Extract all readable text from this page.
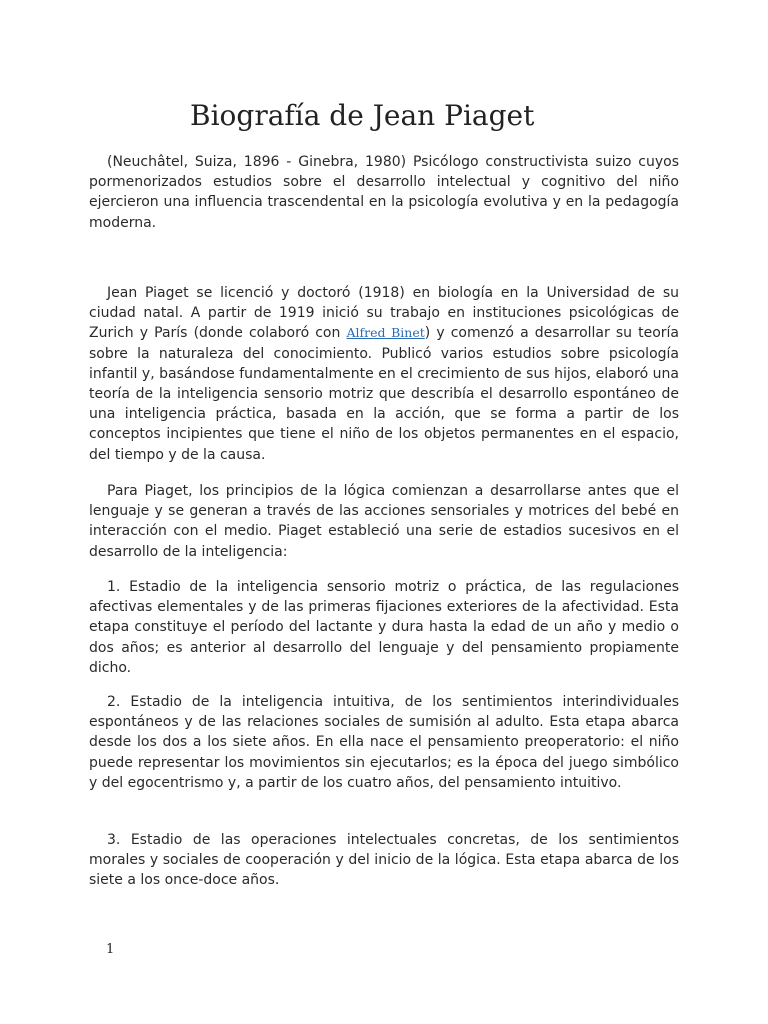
Biografía de Jean Piaget

(Neuchâtel, Suiza, 1896 - Ginebra, 1980) Psicólogo constructivista suizo cuyos pormenorizados estudios sobre el desarrollo intelectual y cognitivo del niño ejercieron una influencia trascendental en la psicología evolutiva y en la pedagogía moderna.

Jean Piaget se licenció y doctoró (1918) en biología en la Universidad de su ciudad natal. A partir de 1919 inició su trabajo en instituciones psicológicas de Zurich y París (donde colaboró con Alfred Binet) y comenzó a desarrollar su teoría sobre la naturaleza del conocimiento. Publicó varios estudios sobre psicología infantil y, basándose fundamentalmente en el crecimiento de sus hijos, elaboró una teoría de la inteligencia sensorio motriz que describía el desarrollo espontáneo de una inteligencia práctica, basada en la acción, que se forma a partir de los conceptos incipientes que tiene el niño de los objetos permanentes en el espacio, del tiempo y de la causa.

Para Piaget, los principios de la lógica comienzan a desarrollarse antes que el lenguaje y se generan a través de las acciones sensoriales y motrices del bebé en interacción con el medio. Piaget estableció una serie de estadios sucesivos en el desarrollo de la inteligencia:

1. Estadio de la inteligencia sensorio motriz o práctica, de las regulaciones afectivas elementales y de las primeras fijaciones exteriores de la afectividad. Esta etapa constituye el período del lactante y dura hasta la edad de un año y medio o dos años; es anterior al desarrollo del lenguaje y del pensamiento propiamente dicho.

2. Estadio de la inteligencia intuitiva, de los sentimientos interindividuales espontáneos y de las relaciones sociales de sumisión al adulto. Esta etapa abarca desde los dos a los siete años. En ella nace el pensamiento preoperatorio: el niño puede representar los movimientos sin ejecutarlos; es la época del juego simbólico y del egocentrismo y, a partir de los cuatro años, del pensamiento intuitivo.

3. Estadio de las operaciones intelectuales concretas, de los sentimientos morales y sociales de cooperación y del inicio de la lógica. Esta etapa abarca de los siete a los once-doce años.

1
